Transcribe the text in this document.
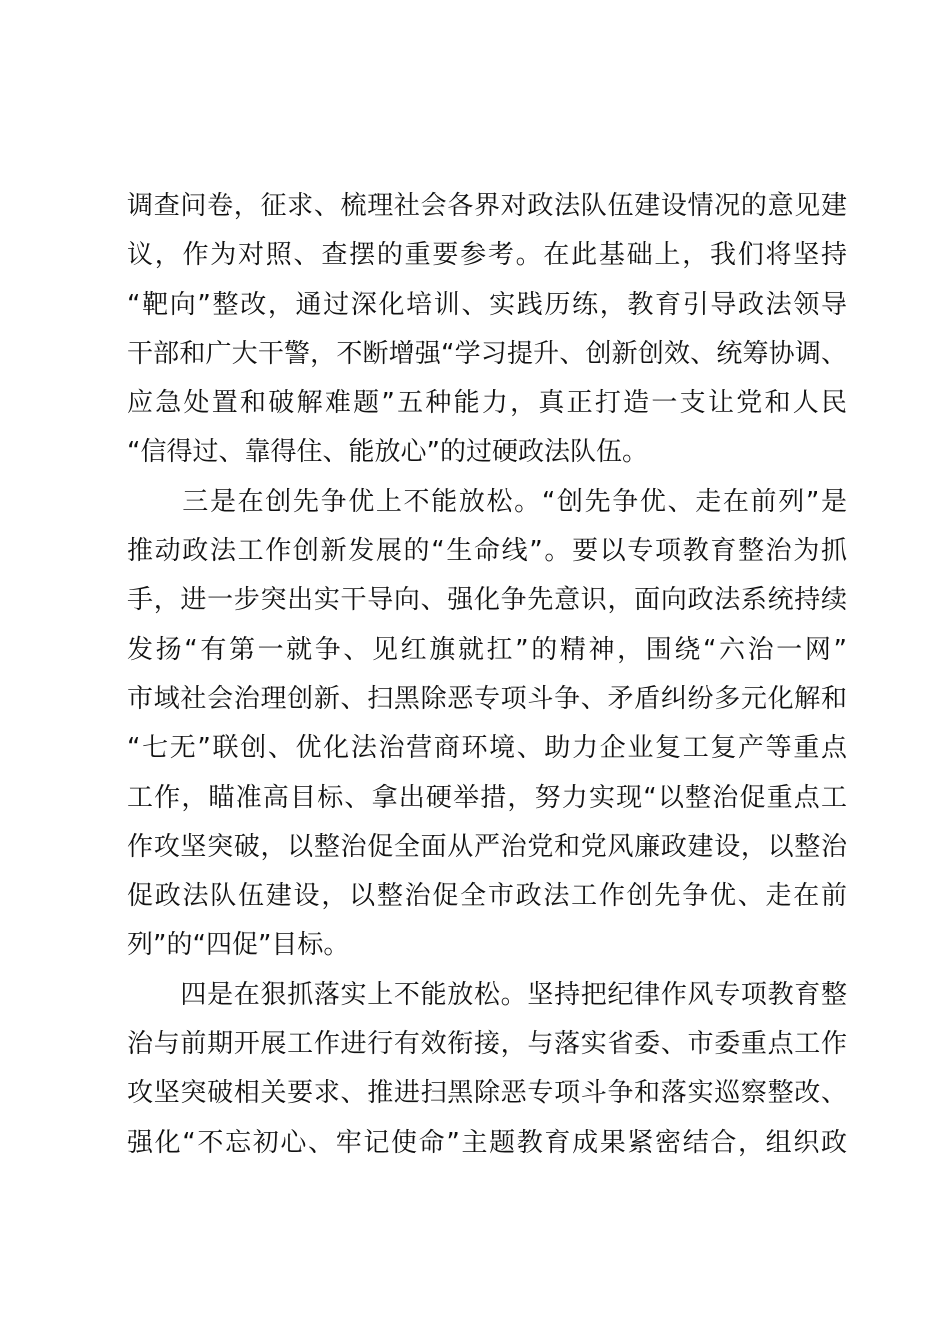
调查问卷，征求、梳理社会各界对政法队伍建设情况的意见建
议，作为对照、查摆的重要参考。在此基础上，我们将坚持
“靶向”整改，通过深化培训、实践历练，教育引导政法领导
干部和广大干警，不断增强“学习提升、创新创效、统筹协调、
应急处置和破解难题”五种能力，真正打造一支让党和人民
“信得过、靠得住、能放心”的过硬政法队伍。
　　三是在创先争优上不能放松。“创先争优、走在前列”是
推动政法工作创新发展的“生命线”。要以专项教育整治为抓
手，进一步突出实干导向、强化争先意识，面向政法系统持续
发扬“有第一就争、见红旗就扛”的精神，围绕“六治一网”
市域社会治理创新、扫黑除恶专项斗争、矛盾纠纷多元化解和
“七无”联创、优化法治营商环境、助力企业复工复产等重点
工作，瞄准高目标、拿出硬举措，努力实现“以整治促重点工
作攻坚突破，以整治促全面从严治党和党风廉政建设，以整治
促政法队伍建设，以整治促全市政法工作创先争优、走在前
列”的“四促”目标。
　　四是在狠抓落实上不能放松。坚持把纪律作风专项教育整
治与前期开展工作进行有效衔接，与落实省委、市委重点工作
攻坚突破相关要求、推进扫黑除恶专项斗争和落实巡察整改、
强化“不忘初心、牢记使命”主题教育成果紧密结合，组织政
